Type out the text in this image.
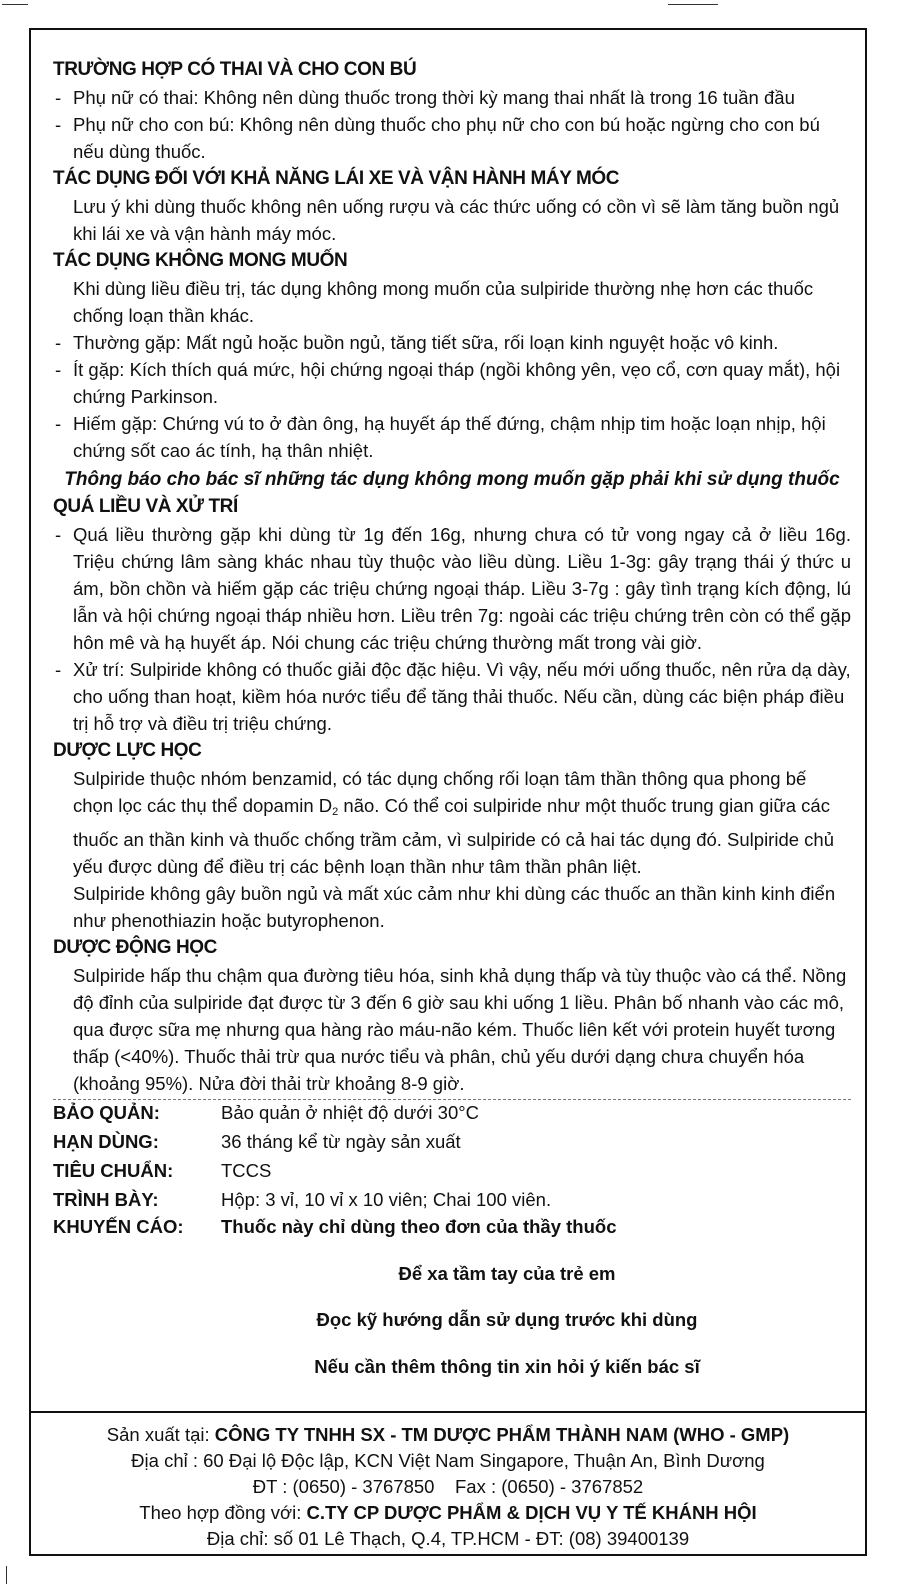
TRƯỜNG HỢP CÓ THAI VÀ CHO CON BÚ

- Phụ nữ có thai: Không nên dùng thuốc trong thời kỳ mang thai nhất là trong 16 tuần đầu

- Phụ nữ cho con bú: Không nên dùng thuốc cho phụ nữ cho con bú hoặc ngừng cho con bú nếu dùng thuốc.

TÁC DỤNG ĐỐI VỚI KHẢ NĂNG LÁI XE VÀ VẬN HÀNH MÁY MÓC

Lưu ý khi dùng thuốc không nên uống rượu và các thức uống có cồn vì sẽ làm tăng buồn ngủ khi lái xe và vận hành máy móc.

TÁC DỤNG KHÔNG MONG MUỐN

Khi dùng liều điều trị, tác dụng không mong muốn của sulpiride thường nhẹ hơn các thuốc chống loạn thần khác.

- Thường gặp: Mất ngủ hoặc buồn ngủ, tăng tiết sữa, rối loạn kinh nguyệt hoặc vô kinh.

- Ít gặp: Kích thích quá mức, hội chứng ngoại tháp (ngồi không yên, vẹo cổ, cơn quay mắt), hội chứng Parkinson.

- Hiếm gặp: Chứng vú to ở đàn ông, hạ huyết áp thế đứng, chậm nhịp tim hoặc loạn nhịp, hội chứng sốt cao ác tính, hạ thân nhiệt.

Thông báo cho bác sĩ những tác dụng không mong muốn gặp phải khi sử dụng thuốc

QUÁ LIỀU VÀ XỬ TRÍ

- Quá liều thường gặp khi dùng từ 1g đến 16g, nhưng chưa có tử vong ngay cả ở liều 16g. Triệu chứng lâm sàng khác nhau tùy thuộc vào liều dùng. Liều 1-3g: gây trạng thái ý thức u ám, bồn chồn và hiếm gặp các triệu chứng ngoại tháp. Liều 3-7g : gây tình trạng kích động, lú lẫn và hội chứng ngoại tháp nhiều hơn. Liều trên 7g: ngoài các triệu chứng trên còn có thể gặp hôn mê và hạ huyết áp. Nói chung các triệu chứng thường mất trong vài giờ.

- Xử trí: Sulpiride không có thuốc giải độc đặc hiệu. Vì vậy, nếu mới uống thuốc, nên rửa dạ dày, cho uống than hoạt, kiềm hóa nước tiểu để tăng thải thuốc. Nếu cần, dùng các biện pháp điều trị hỗ trợ và điều trị triệu chứng.

DƯỢC LỰC HỌC

Sulpiride thuộc nhóm benzamid, có tác dụng chống rối loạn tâm thần thông qua phong bế chọn lọc các thụ thể dopamin $D_2$ não. Có thể coi sulpiride như một thuốc trung gian giữa các thuốc an thần kinh và thuốc chống trầm cảm, vì sulpiride có cả hai tác dụng đó. Sulpiride chủ yếu được dùng để điều trị các bệnh loạn thần như tâm thần phân liệt.

Sulpiride không gây buồn ngủ và mất xúc cảm như khi dùng các thuốc an thần kinh kinh điển như phenothiazin hoặc butyrophenon.

DƯỢC ĐỘNG HỌC

Sulpiride hấp thu chậm qua đường tiêu hóa, sinh khả dụng thấp và tùy thuộc vào cá thể. Nồng độ đỉnh của sulpiride đạt được từ 3 đến 6 giờ sau khi uống 1 liều. Phân bố nhanh vào các mô, qua được sữa mẹ nhưng qua hàng rào máu-não kém. Thuốc liên kết với protein huyết tương thấp (<40%). Thuốc thải trừ qua nước tiểu và phân, chủ yếu dưới dạng chưa chuyển hóa (khoảng 95%). Nửa đời thải trừ khoảng 8-9 giờ.

BẢO QUẢN:	Bảo quản ở nhiệt độ dưới 30°C
HẠN DÙNG:	36 tháng kể từ ngày sản xuất
TIÊU CHUẨN:	TCCS
TRÌNH BÀY:	Hộp: 3 vỉ, 10 vỉ x 10 viên; Chai 100 viên.
KHUYẾN CÁO:	Thuốc này chỉ dùng theo đơn của thầy thuốc

Để xa tầm tay của trẻ em

Đọc kỹ hướng dẫn sử dụng trước khi dùng

Nếu cần thêm thông tin xin hỏi ý kiến bác sĩ

Sản xuất tại: CÔNG TY TNHH SX - TM DƯỢC PHẨM THÀNH NAM (WHO - GMP)
Địa chỉ : 60 Đại lộ Độc lập, KCN Việt Nam Singapore, Thuận An, Bình Dương
ĐT : (0650) - 3767850    Fax : (0650) - 3767852
Theo hợp đồng với: C.TY CP DƯỢC PHẨM & DỊCH VỤ Y TẾ KHÁNH HỘI
Địa chỉ: số 01 Lê Thạch, Q.4, TP.HCM - ĐT: (08) 39400139
